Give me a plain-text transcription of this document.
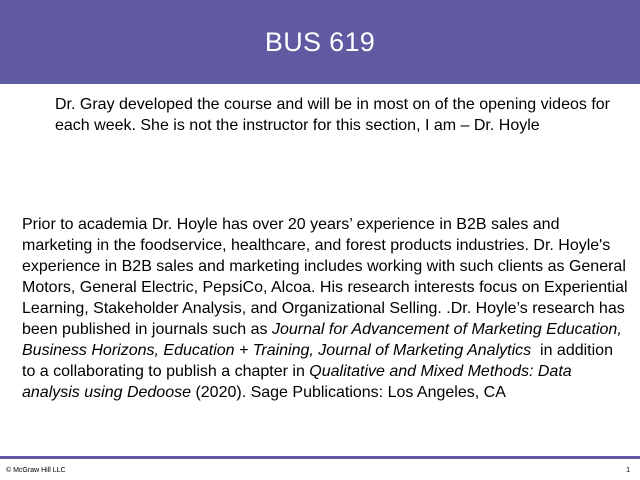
BUS 619

Dr. Gray developed the course and will be in most on of the opening videos for each week. She is not the instructor for this section, I am – Dr. Hoyle

Prior to academia Dr. Hoyle has over 20 years’ experience in B2B sales and marketing in the foodservice, healthcare, and forest products industries. Dr. Hoyle's experience in B2B sales and marketing includes working with such clients as General Motors, General Electric, PepsiCo, Alcoa. His research interests focus on Experiential Learning, Stakeholder Analysis, and Organizational Selling. .Dr. Hoyle’s research has been published in journals such as Journal for Advancement of Marketing Education, Business Horizons, Education + Training, Journal of Marketing Analytics  in addition to a collaborating to publish a chapter in Qualitative and Mixed Methods: Data analysis using Dedoose (2020). Sage Publications: Los Angeles, CA

© McGraw Hill LLC	1
